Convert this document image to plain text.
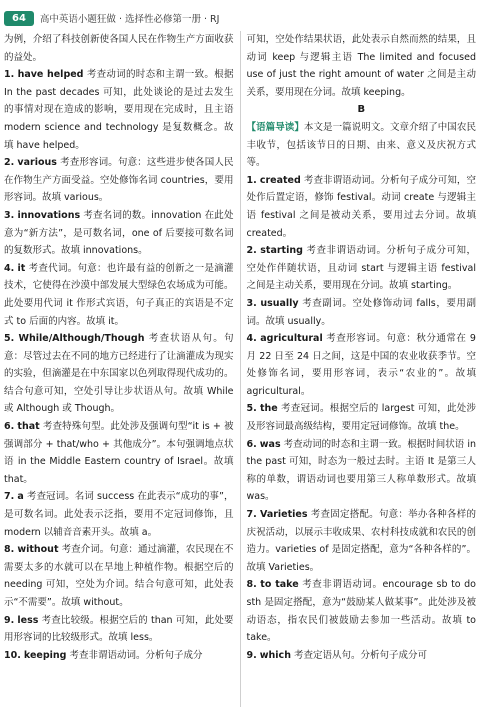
64	高中英语小题狂做 · 选择性必修第一册 · RJ

为例，介绍了科技创新使各国人民在作物生产方面收获的益处。

1. have helped 考查动词的时态和主谓一致。根据 In the past decades 可知，此处谈论的是过去发生的事情对现在造成的影响，要用现在完成时，且主语 modern science and technology 是复数概念。故填 have helped。

2. various 考查形容词。句意：这些进步使各国人民在作物生产方面受益。空处修饰名词 countries，要用形容词。故填 various。

3. innovations 考查名词的数。innovation 在此处意为“新方法”，是可数名词，one of 后要接可数名词的复数形式。故填 innovations。

4. it 考查代词。句意：也许最有益的创新之一是滴灌技术，它使得在沙漠中部发展大型绿色农场成为可能。此处要用代词 it 作形式宾语，句子真正的宾语是不定式 to 后面的内容。故填 it。

5. While/Although/Though 考查状语从句。句意：尽管过去在不同的地方已经进行了让滴灌成为现实的实验，但滴灌是在中东国家以色列取得现代成功的。结合句意可知，空处引导让步状语从句。故填 While 或 Although 或 Though。

6. that 考查特殊句型。此处涉及强调句型“it is + 被强调部分 + that/who + 其他成分”。本句强调地点状语 in the Middle Eastern country of Israel。故填 that。

7. a 考查冠词。名词 success 在此表示“成功的事”，是可数名词。此处表示泛指，要用不定冠词修饰，且 modern 以辅音音素开头。故填 a。

8. without 考查介词。句意：通过滴灌，农民现在不需要太多的水就可以在旱地上种植作物。根据空后的 needing 可知，空处为介词。结合句意可知，此处表示“不需要”。故填 without。

9. less 考查比较级。根据空后的 than 可知，此处要用形容词的比较级形式。故填 less。

10. keeping 考查非谓语动词。分析句子成分

可知，空处作结果状语，此处表示自然而然的结果，且动词 keep 与逻辑主语 The limited and focused use of just the right amount of water 之间是主动关系，要用现在分词。故填 keeping。

B

【语篇导读】本文是一篇说明文。文章介绍了中国农民丰收节，包括该节日的日期、由来、意义及庆祝方式等。

1. created 考查非谓语动词。分析句子成分可知，空处作后置定语，修饰 festival。动词 create 与逻辑主语 festival 之间是被动关系，要用过去分词。故填 created。

2. starting 考查非谓语动词。分析句子成分可知，空处作伴随状语，且动词 start 与逻辑主语 festival 之间是主动关系，要用现在分词。故填 starting。

3. usually 考查副词。空处修饰动词 falls，要用副词。故填 usually。

4. agricultural 考查形容词。句意：秋分通常在 9 月 22 日至 24 日之间，这是中国的农业收获季节。空处修饰名词，要用形容词，表示“农业的”。故填 agricultural。

5. the 考查冠词。根据空后的 largest 可知，此处涉及形容词最高级结构，要用定冠词修饰。故填 the。

6. was 考查动词的时态和主谓一致。根据时间状语 in the past 可知，时态为一般过去时。主语 It 是第三人称的单数，谓语动词也要用第三人称单数形式。故填 was。

7. Varieties 考查固定搭配。句意：举办各种各样的庆祝活动，以展示丰收成果、农村科技成就和农民的创造力。varieties of 是固定搭配，意为“各种各样的”。故填 Varieties。

8. to take 考查非谓语动词。encourage sb to do sth 是固定搭配，意为“鼓励某人做某事”。此处涉及被动语态，指农民们被鼓励去参加一些活动。故填 to take。

9. which 考查定语从句。分析句子成分可
